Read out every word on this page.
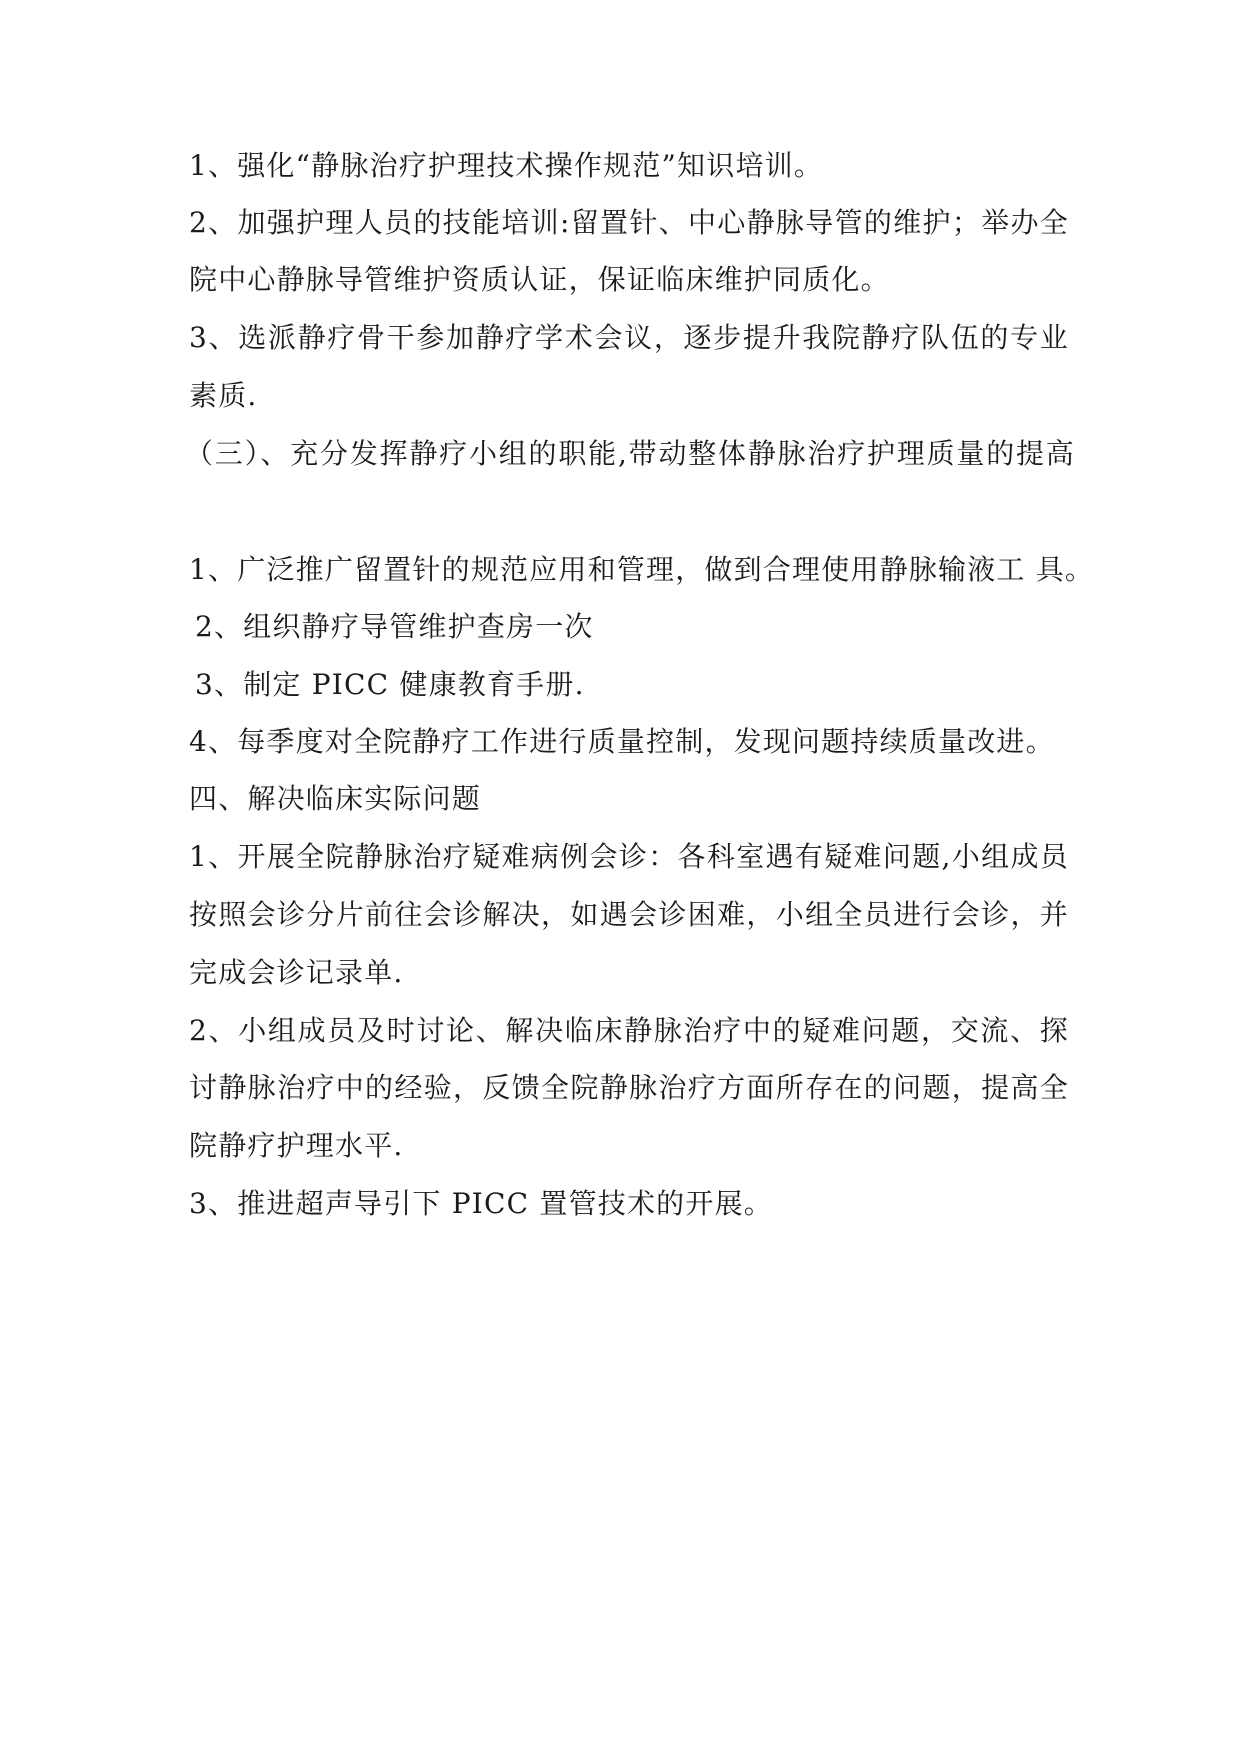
1、强化“静脉治疗护理技术操作规范”知识培训。
2、加强护理人员的技能培训:留置针、中心静脉导管的维护；举办全
院中心静脉导管维护资质认证，保证临床维护同质化。
3、选派静疗骨干参加静疗学术会议，逐步提升我院静疗队伍的专业
素质.
（三）、充分发挥静疗小组的职能,带动整体静脉治疗护理质量的提高
1、广泛推广留置针的规范应用和管理，做到合理使用静脉输液工 具。
2、组织静疗导管维护查房一次
3、制定 PICC 健康教育手册.
4、每季度对全院静疗工作进行质量控制，发现问题持续质量改进。
四、解决临床实际问题
1、开展全院静脉治疗疑难病例会诊：各科室遇有疑难问题,小组成员
按照会诊分片前往会诊解决，如遇会诊困难，小组全员进行会诊，并
完成会诊记录单.
2、小组成员及时讨论、解决临床静脉治疗中的疑难问题，交流、探
讨静脉治疗中的经验，反馈全院静脉治疗方面所存在的问题，提高全
院静疗护理水平.
3、推进超声导引下 PICC 置管技术的开展。
